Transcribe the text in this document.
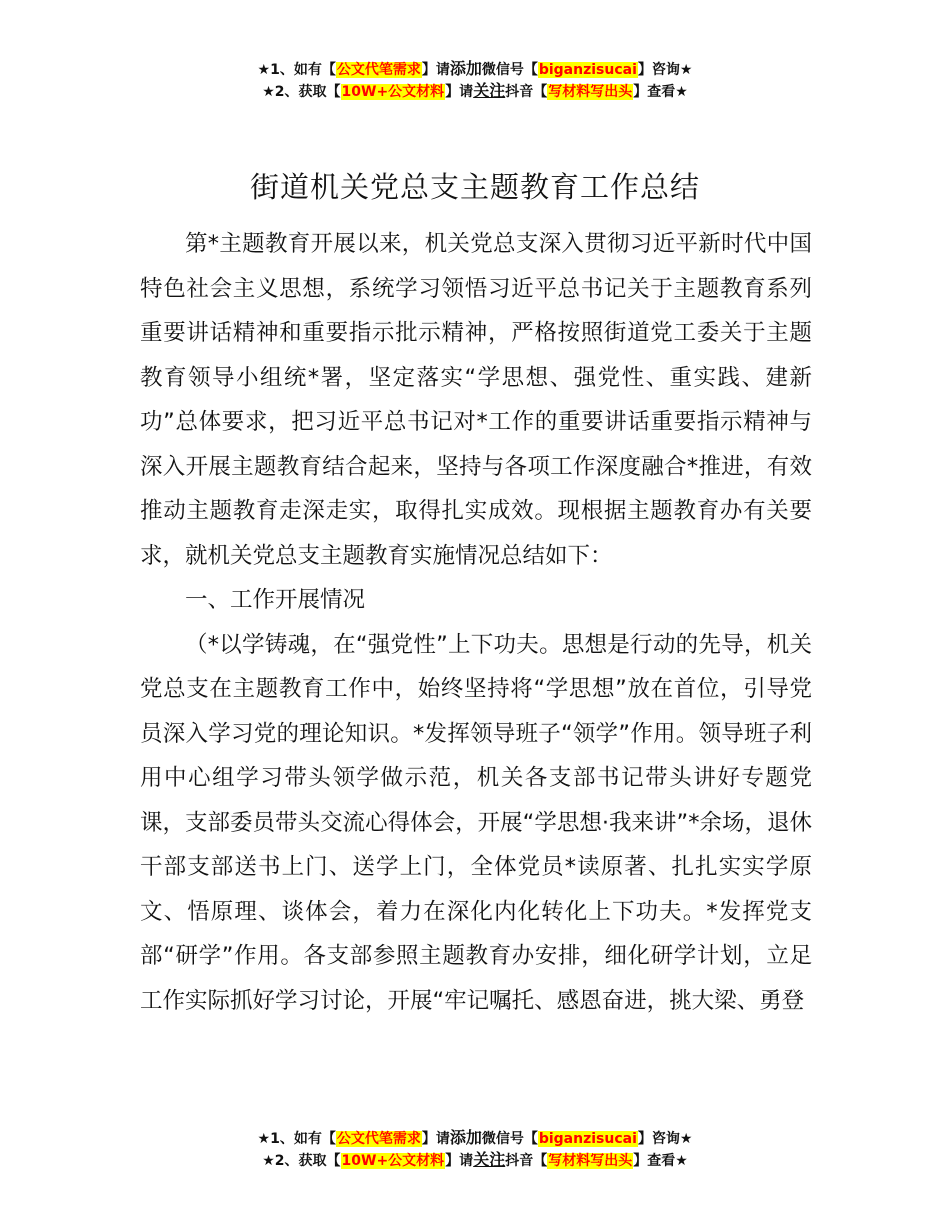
★1、如有【公文代笔需求】请添加微信号【biganzisucai】咨询★
★2、获取【10W+公文材料】请关注抖音【写材料写出头】查看★
街道机关党总支主题教育工作总结

第*主题教育开展以来，机关党总支深入贯彻习近平新时代中国特色社会主义思想，系统学习领悟习近平总书记关于主题教育系列重要讲话精神和重要指示批示精神，严格按照街道党工委关于主题教育领导小组统*署，坚定落实“学思想、强党性、重实践、建新功”总体要求，把习近平总书记对*工作的重要讲话重要指示精神与深入开展主题教育结合起来，坚持与各项工作深度融合*推进，有效推动主题教育走深走实，取得扎实成效。现根据主题教育办有关要求，就机关党总支主题教育实施情况总结如下：

一、工作开展情况

（*以学铸魂，在“强党性”上下功夫。思想是行动的先导，机关党总支在主题教育工作中，始终坚持将“学思想”放在首位，引导党员深入学习党的理论知识。*发挥领导班子“领学”作用。领导班子利用中心组学习带头领学做示范，机关各支部书记带头讲好专题党课，支部委员带头交流心得体会，开展“学思想·我来讲”*余场，退休干部支部送书上门、送学上门，全体党员*读原著、扎扎实实学原文、悟原理、谈体会，着力在深化内化转化上下功夫。*发挥党支部“研学”作用。各支部参照主题教育办安排，细化研学计划，立足工作实际抓好学习讨论，开展“牢记嘱托、感恩奋进，挑大梁、勇登

★1、如有【公文代笔需求】请添加微信号【biganzisucai】咨询★
★2、获取【10W+公文材料】请关注抖音【写材料写出头】查看★
